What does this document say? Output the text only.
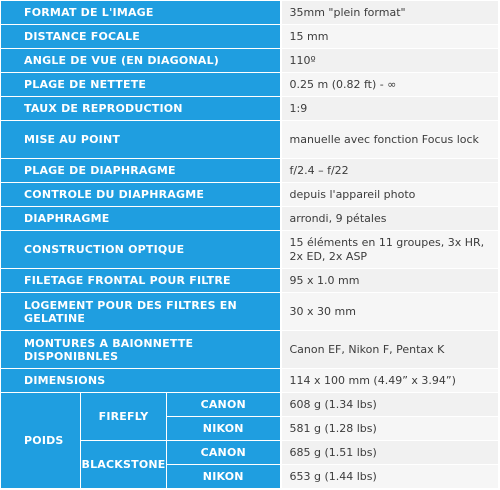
FORMAT DE L'IMAGE			35mm "plein format"
DISTANCE FOCALE			15 mm
ANGLE DE VUE (EN DIAGONAL)			110º
PLAGE DE NETTETE			0.25 m (0.82 ft) - ∞
TAUX DE REPRODUCTION			1:9
MISE AU POINT			manuelle avec fonction Focus lock
PLAGE DE DIAPHRAGME			f/2.4 – f/22
CONTROLE DU DIAPHRAGME			depuis l'appareil photo
DIAPHRAGME			arrondi, 9 pétales
CONSTRUCTION OPTIQUE			15 éléments en 11 groupes, 3x HR, 2x ED, 2x ASP
FILETAGE FRONTAL POUR FILTRE			95 x 1.0 mm
LOGEMENT POUR DES FILTRES EN GELATINE			30 x 30 mm
MONTURES A BAIONNETTE DISPONIBNLES			Canon EF, Nikon F, Pentax K
DIMENSIONS			114 x 100 mm (4.49” x 3.94”)
POIDS	FIREFLY	CANON	608 g (1.34 lbs)
		NIKON	581 g (1.28 lbs)
	BLACKSTONE	CANON	685 g (1.51 lbs)
		NIKON	653 g (1.44 lbs)
